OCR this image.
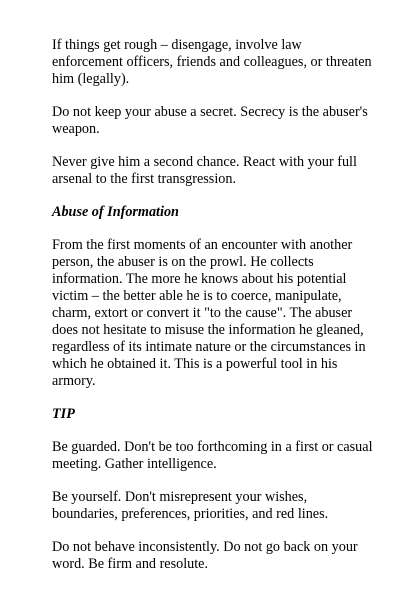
If things get rough – disengage, involve law
enforcement officers, friends and colleagues, or threaten
him (legally).

Do not keep your abuse a secret. Secrecy is the abuser's
weapon.

Never give him a second chance. React with your full
arsenal to the first transgression.

Abuse of Information

From the first moments of an encounter with another
person, the abuser is on the prowl. He collects
information. The more he knows about his potential
victim – the better able he is to coerce, manipulate,
charm, extort or convert it "to the cause". The abuser
does not hesitate to misuse the information he gleaned,
regardless of its intimate nature or the circumstances in
which he obtained it. This is a powerful tool in his
armory.

TIP

Be guarded. Don't be too forthcoming in a first or casual
meeting. Gather intelligence.

Be yourself. Don't misrepresent your wishes,
boundaries, preferences, priorities, and red lines.

Do not behave inconsistently. Do not go back on your
word. Be firm and resolute.
